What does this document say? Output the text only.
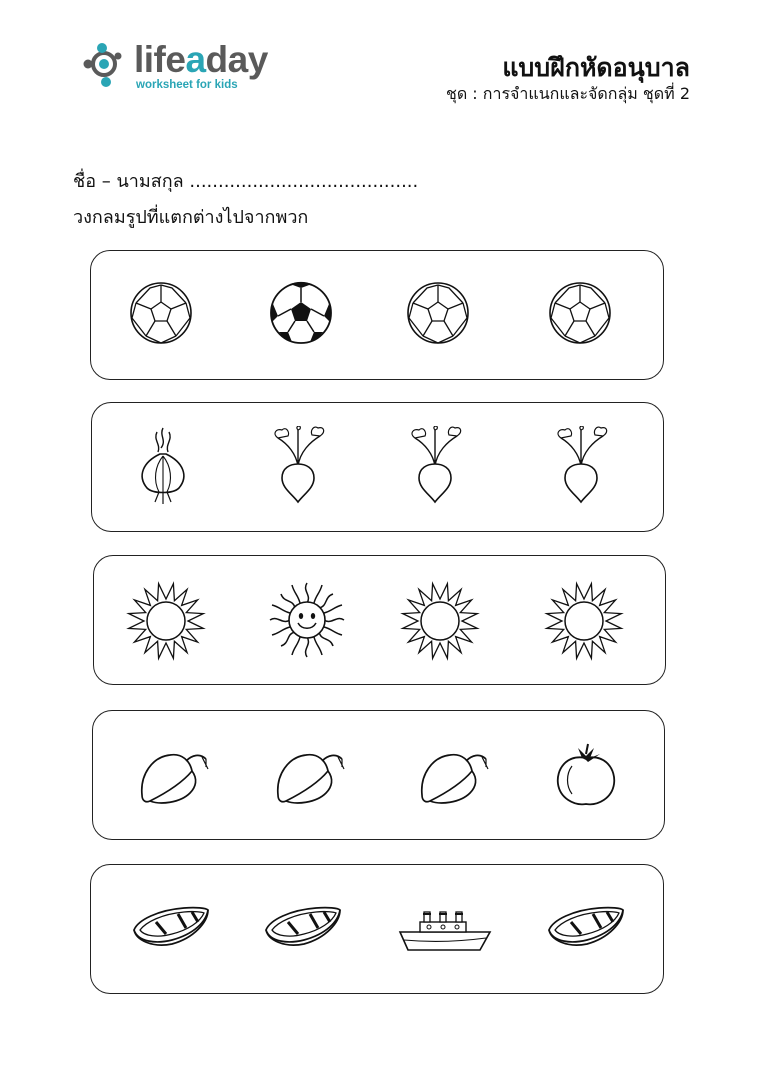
lifeaday
worksheet for kids
แบบฝึกหัดอนุบาล
ชุด : การจำแนกและจัดกลุ่ม ชุดที่ 2
ชื่อ – นามสกุล ........................................
วงกลมรูปที่แตกต่างไปจากพวก
